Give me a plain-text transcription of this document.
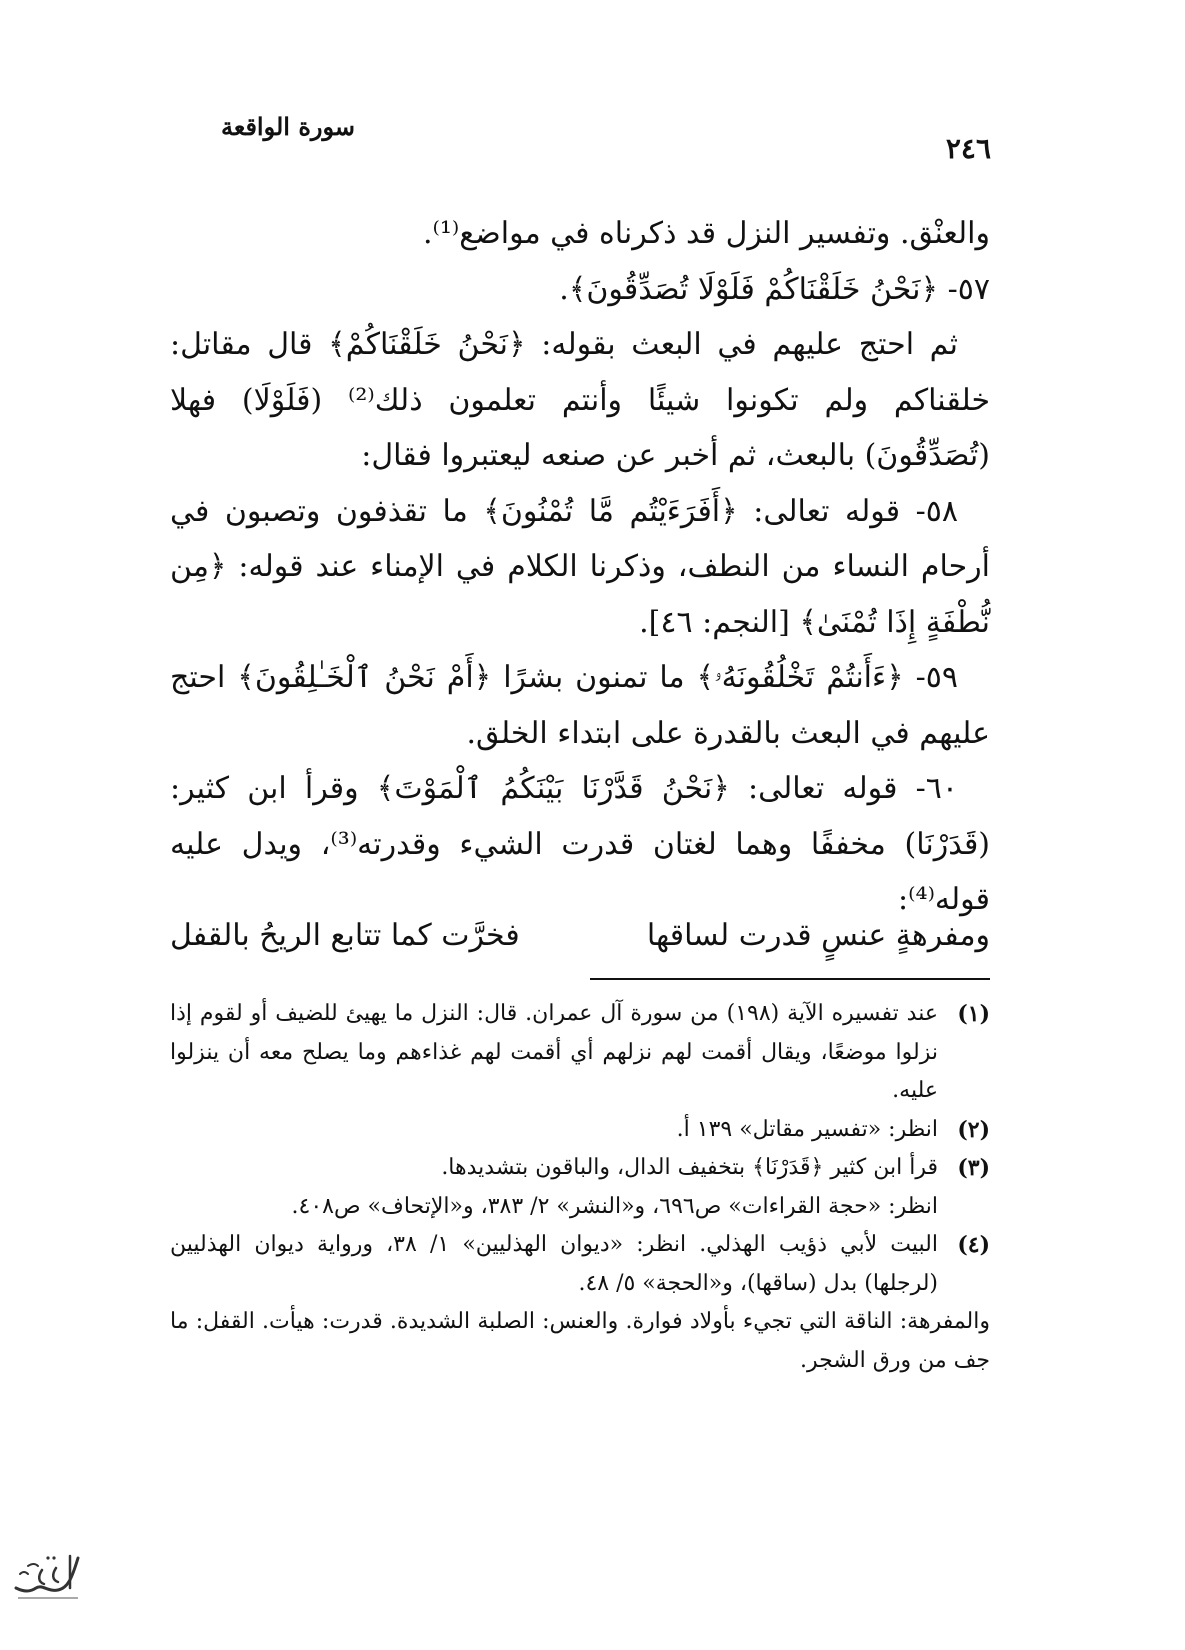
سورة الواقعة
٢٤٦

والعنْق. وتفسير النزل قد ذكرناه في مواضع⁽¹⁾.

٥٧- ﴿نَحْنُ خَلَقْنَاكُمْ فَلَوْلَا تُصَدِّقُونَ﴾.

ثم احتج عليهم في البعث بقوله: ﴿نَحْنُ خَلَقْنَاكُمْ﴾ قال مقاتل: خلقناكم ولم تكونوا شيئًا وأنتم تعلمون ذلك⁽²⁾ (فَلَوْلَا) فهلا (تُصَدِّقُونَ) بالبعث، ثم أخبر عن صنعه ليعتبروا فقال:

٥٨- قوله تعالى: ﴿أَفَرَءَيْتُم مَّا تُمْنُونَ﴾ ما تقذفون وتصبون في أرحام النساء من النطف، وذكرنا الكلام في الإمناء عند قوله: ﴿مِن نُّطْفَةٍ إِذَا تُمْنَىٰ﴾ [النجم: ٤٦].

٥٩- ﴿ءَأَنتُمْ تَخْلُقُونَهُۥ﴾ ما تمنون بشرًا ﴿أَمْ نَحْنُ ٱلْخَـٰلِقُونَ﴾ احتج عليهم في البعث بالقدرة على ابتداء الخلق.

٦٠- قوله تعالى: ﴿نَحْنُ قَدَّرْنَا بَيْنَكُمُ ٱلْمَوْتَ﴾ وقرأ ابن كثير: (قَدَرْنَا) مخففًا وهما لغتان قدرت الشيء وقدرته⁽³⁾، ويدل عليه قوله⁽⁴⁾:

ومفرهةٍ عنسٍ قدرت لساقها
فخرَّت كما تتابع الريحُ بالقفل
(١)
عند تفسيره الآية (١٩٨) من سورة آل عمران. قال: النزل ما يهيئ للضيف أو لقوم إذا نزلوا موضعًا، ويقال أقمت لهم نزلهم أي أقمت لهم غذاءهم وما يصلح معه أن ينزلوا عليه.
(٢)
انظر: «تفسير مقاتل» ١٣٩ أ.
(٣)
قرأ ابن كثير ﴿قَدَرْنَا﴾ بتخفيف الدال، والباقون بتشديدها.
انظر: «حجة القراءات» ص٦٩٦، و«النشر» ٢/ ٣٨٣، و«الإتحاف» ص٤٠٨.
(٤)
البيت لأبي ذؤيب الهذلي. انظر: «ديوان الهذليين» ١/ ٣٨، ورواية ديوان الهذليين (لرجلها) بدل (ساقها)، و«الحجة» ٥/ ٤٨.
والمفرهة: الناقة التي تجيء بأولاد فوارة. والعنس: الصلبة الشديدة. قدرت: هيأت. القفل: ما جف من ورق الشجر.
